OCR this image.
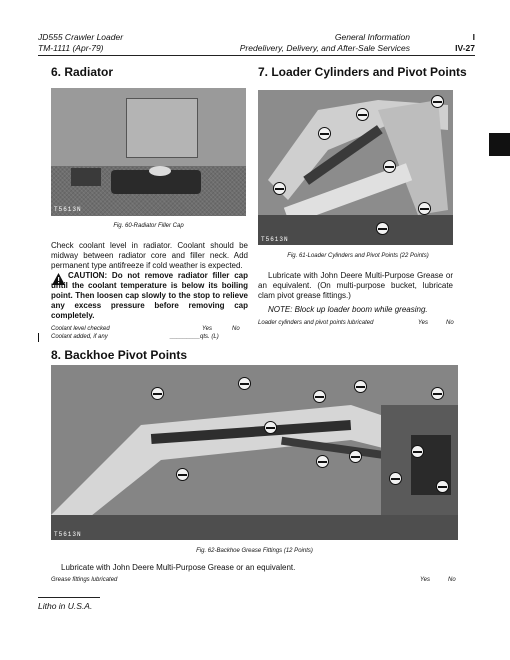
JD555 Crawler Loader
TM-1111 (Apr-79)
General Information
Predelivery, Delivery, and After-Sale Services
I
IV-27
6. Radiator
T5613N
Fig. 60-Radiator Filler Cap
Check coolant level in radiator. Coolant should be midway between radiator core and filler neck. Add permanent type antifreeze if cold weather is expected.
CAUTION: Do not remove radiator filler cap until the coolant temperature is below its boiling point. Then loosen cap slowly to the stop to relieve any excess pressure before removing cap completely.
Coolant level checked	Yes	No
Coolant added, if any	_________qts. (L)
7. Loader Cylinders and Pivot Points
T5613N
Fig. 61-Loader Cylinders and Pivot Points (22 Points)
Lubricate with John Deere Multi-Purpose Grease or an equivalent. (On multi-purpose bucket, lubricate clam pivot grease fittings.)
NOTE: Block up loader boom while greasing.
Loader cylinders and pivot points lubricated	Yes	No
8. Backhoe Pivot Points
T5613N
Fig. 62-Backhoe Grease Fittings (12 Points)
Lubricate with John Deere Multi-Purpose Grease or an equivalent.
Grease fittings lubricated	Yes	No
Litho in U.S.A.
